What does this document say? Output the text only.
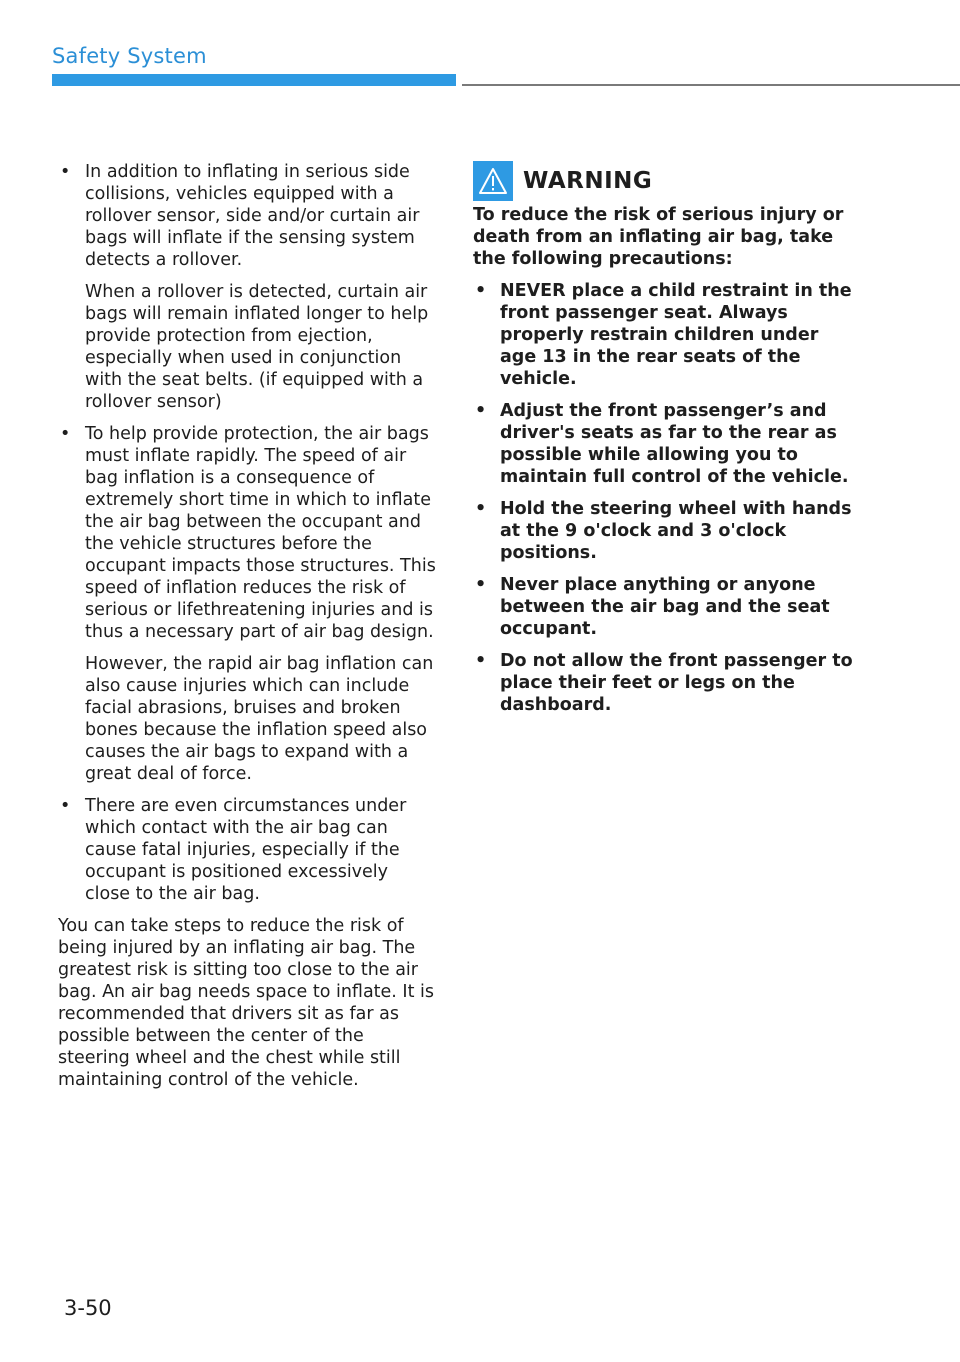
Safety System

• In addition to inflating in serious side collisions, vehicles equipped with a rollover sensor, side and/or curtain air bags will inflate if the sensing system detects a rollover.

When a rollover is detected, curtain air bags will remain inflated longer to help provide protection from ejection, especially when used in conjunction with the seat belts. (if equipped with a rollover sensor)

• To help provide protection, the air bags must inflate rapidly. The speed of air bag inflation is a consequence of extremely short time in which to inflate the air bag between the occupant and the vehicle structures before the occupant impacts those structures. This speed of inflation reduces the risk of serious or lifethreatening injuries and is thus a necessary part of air bag design.

However, the rapid air bag inflation can also cause injuries which can include facial abrasions, bruises and broken bones because the inflation speed also causes the air bags to expand with a great deal of force.

• There are even circumstances under which contact with the air bag can cause fatal injuries, especially if the occupant is positioned excessively close to the air bag.

You can take steps to reduce the risk of being injured by an inflating air bag. The greatest risk is sitting too close to the air bag. An air bag needs space to inflate. It is recommended that drivers sit as far as possible between the center of the steering wheel and the chest while still maintaining control of the vehicle.

WARNING

To reduce the risk of serious injury or death from an inflating air bag, take the following precautions:

• NEVER place a child restraint in the front passenger seat. Always properly restrain children under age 13 in the rear seats of the vehicle.
• Adjust the front passenger’s and driver's seats as far to the rear as possible while allowing you to maintain full control of the vehicle.
• Hold the steering wheel with hands at the 9 o'clock and 3 o'clock positions.
• Never place anything or anyone between the air bag and the seat occupant.
• Do not allow the front passenger to place their feet or legs on the dashboard.
3-50
